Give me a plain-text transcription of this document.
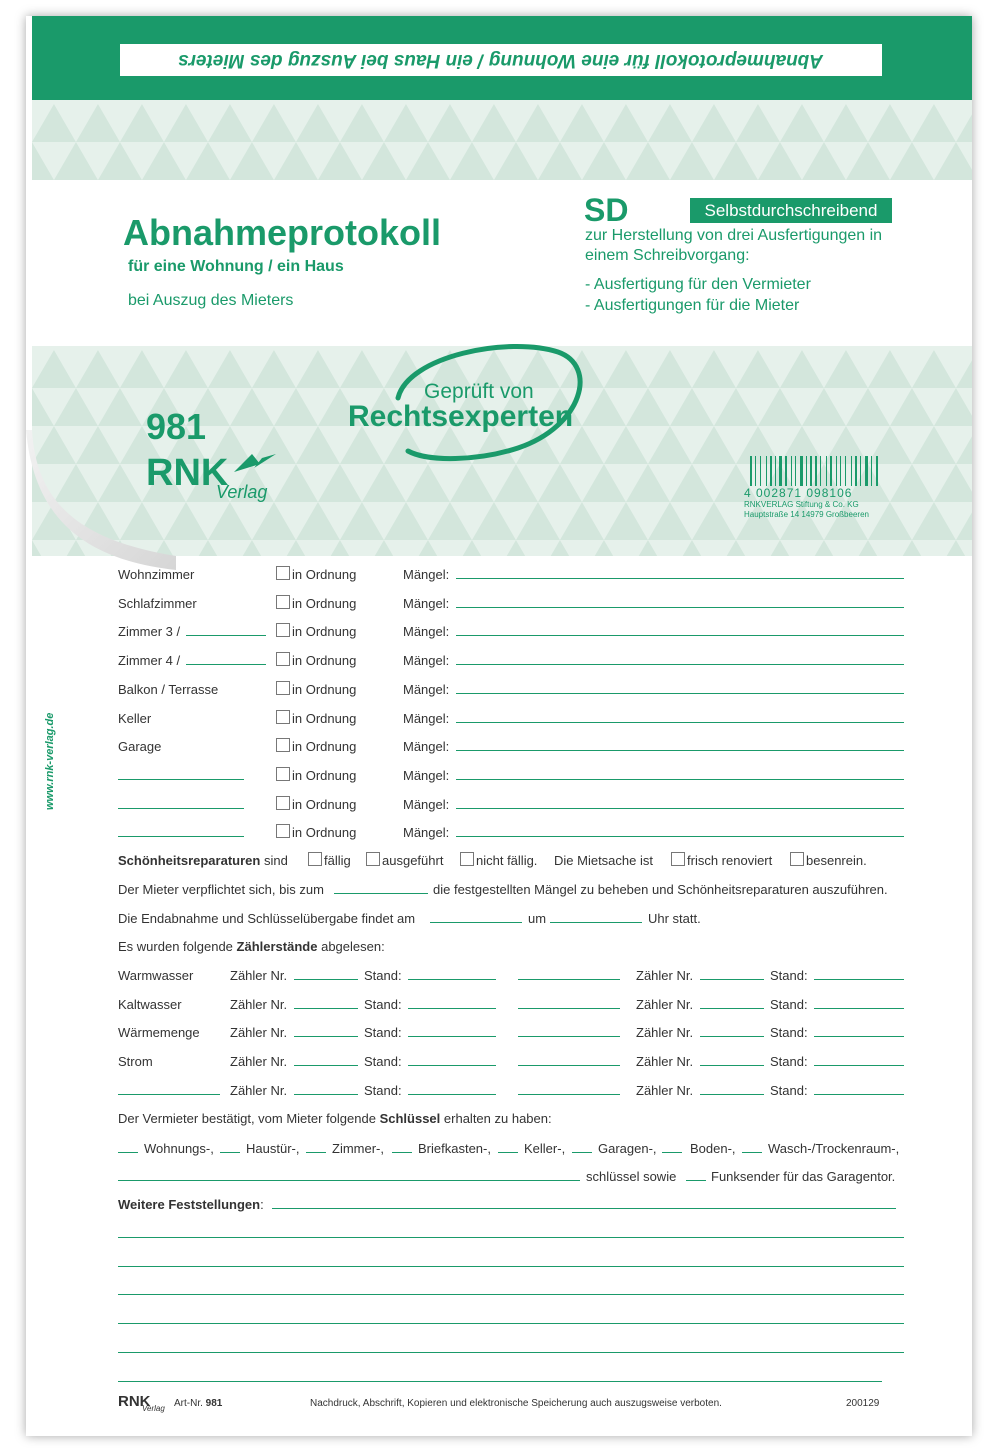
www.rnk-verlag.de
Wohnzimmer	in Ordnung	Mängel:
Schlafzimmer	in Ordnung	Mängel:
Zimmer 3 /	in Ordnung	Mängel:
Zimmer 4 /	in Ordnung	Mängel:
Balkon / Terrasse	in Ordnung	Mängel:
Keller	in Ordnung	Mängel:
Garage	in Ordnung	Mängel:
in Ordnung	Mängel:
in Ordnung	Mängel:
in Ordnung	Mängel:
Schönheitsreparaturen sind	fällig ausgeführt	nicht fällig. Die Mietsache ist	frisch renoviert	besenrein.
Der Mieter verpflichtet sich, bis zum	die festgestellten Mängel zu beheben und Schönheitsreparaturen auszuführen.
Die Endabnahme und Schlüsselübergabe findet am	um	Uhr statt.
Es wurden folgende Zählerstände abgelesen:
Warmwasser	Zähler Nr.	Stand:	Zähler Nr.	Stand:
Kaltwasser	Zähler Nr.	Stand:	Zähler Nr.	Stand:
Wärmemenge Zähler Nr.	Stand:	Zähler Nr.	Stand:
Strom	Zähler Nr.	Stand:	Zähler Nr.	Stand:
Zähler Nr.	Stand:	Zähler Nr.	Stand:
Der Vermieter bestätigt, vom Mieter folgende Schlüssel erhalten zu haben:
Wohnungs-, Haustür-,	Zimmer-,	Briefkasten-,	Keller-,	Garagen-,	Boden-, Wasch-/Trockenraum-,
schlüssel sowie	Funksender für das Garagentor.
Weitere Feststellungen:
RNK
Verlag Art-Nr. 981	Nachdruck, Abschrift, Kopieren und elektronische Speicherung auch auszugsweise verboten.	200129
Abnahmeprotokoll für eine Wohnung / ein Haus bei Auszug des Mieters
Abnahmeprotokoll
für eine Wohnung / ein Haus
bei Auszug des Mieters
SD	Selbstdurchschreibend
zur Herstellung von drei Ausfertigungen in einem Schreibvorgang:
- Ausfertigung für den Vermieter
- Ausfertigungen für die Mieter
Geprüft von
Rechtsexperten
981
RNK
Verlag	4 002871 098106
RNKVERLAG Stiftung & Co. KG
Hauptstraße 14 14979 Großbeeren
